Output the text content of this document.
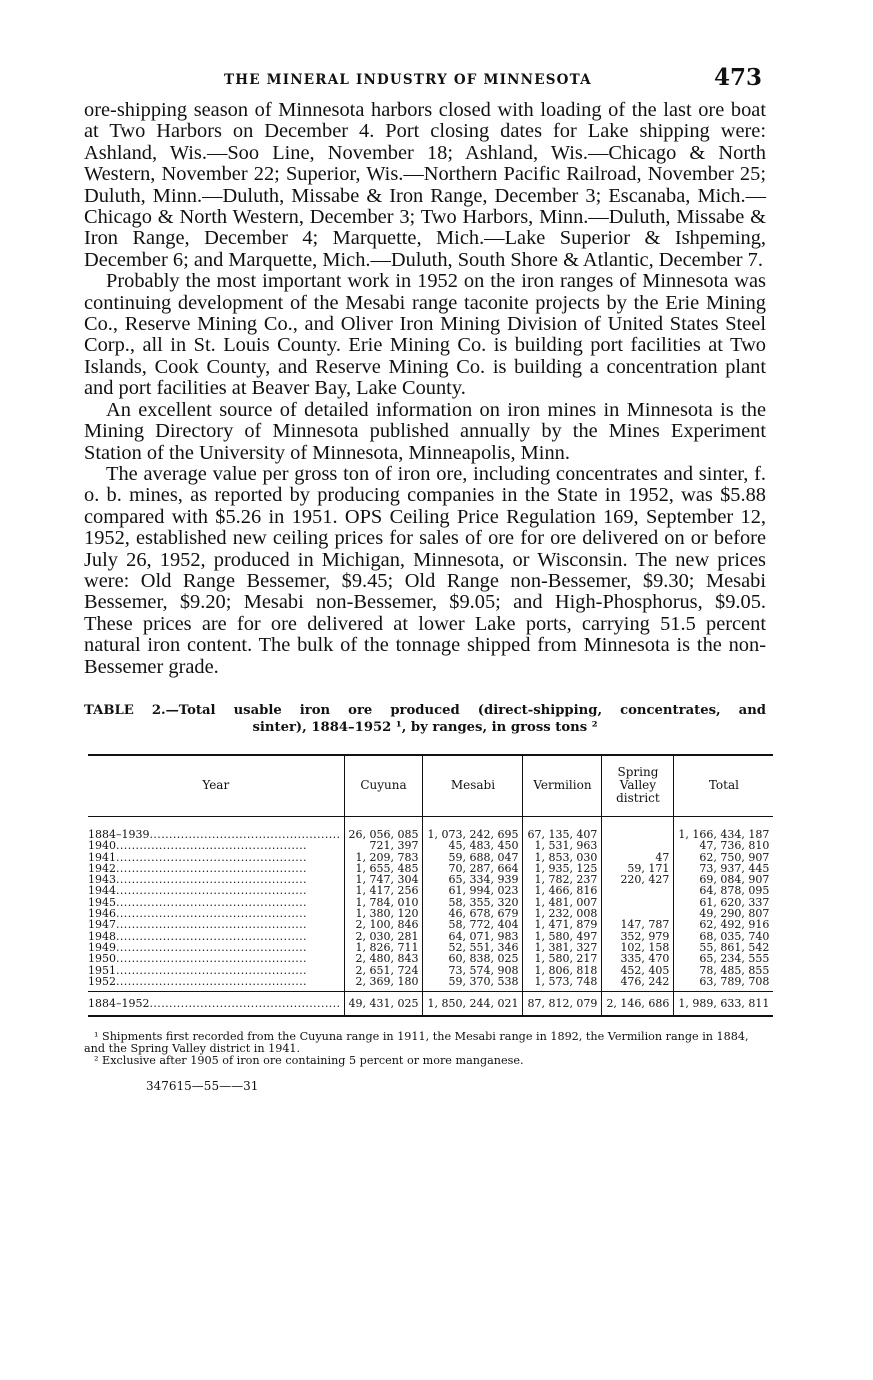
THE MINERAL INDUSTRY OF MINNESOTA	473

ore-shipping season of Minnesota harbors closed with loading of the last ore boat at Two Harbors on December 4. Port closing dates for Lake shipping were: Ashland, Wis.—Soo Line, November 18; Ashland, Wis.—Chicago & North Western, November 22; Superior, Wis.—Northern Pacific Railroad, November 25; Duluth, Minn.—Duluth, Missabe & Iron Range, December 3; Escanaba, Mich.—Chicago & North Western, December 3; Two Harbors, Minn.—Duluth, Missabe & Iron Range, December 4; Marquette, Mich.—Lake Superior & Ishpeming, December 6; and Marquette, Mich.—Duluth, South Shore & Atlantic, December 7.

Probably the most important work in 1952 on the iron ranges of Minnesota was continuing development of the Mesabi range taconite projects by the Erie Mining Co., Reserve Mining Co., and Oliver Iron Mining Division of United States Steel Corp., all in St. Louis County. Erie Mining Co. is building port facilities at Two Islands, Cook County, and Reserve Mining Co. is building a concentration plant and port facilities at Beaver Bay, Lake County.

An excellent source of detailed information on iron mines in Minnesota is the Mining Directory of Minnesota published annually by the Mines Experiment Station of the University of Minnesota, Minneapolis, Minn.

The average value per gross ton of iron ore, including concentrates and sinter, f. o. b. mines, as reported by producing companies in the State in 1952, was $5.88 compared with $5.26 in 1951. OPS Ceiling Price Regulation 169, September 12, 1952, established new ceiling prices for sales of ore for ore delivered on or before July 26, 1952, produced in Michigan, Minnesota, or Wisconsin. The new prices were: Old Range Bessemer, $9.45; Old Range non-Bessemer, $9.30; Mesabi Bessemer, $9.20; Mesabi non-Bessemer, $9.05; and High-Phosphorus, $9.05. These prices are for ore delivered at lower Lake ports, carrying 51.5 percent natural iron content. The bulk of the tonnage shipped from Minnesota is the non-Bessemer grade.

TABLE 2.—Total usable iron ore produced (direct-shipping, concentrates, and
sinter), 1884–1952 ¹, by ranges, in gross tons ²
Year	Cuyuna	Mesabi	Vermilion	Spring Valley district	Total

1884–1939.....	26, 056, 085	1, 073, 242, 695	67, 135, 407		1, 166, 434, 187
1940.....	721, 397	45, 483, 450	1, 531, 963		47, 736, 810
1941.....	1, 209, 783	59, 688, 047	1, 853, 030	47	62, 750, 907
1942.....	1, 655, 485	70, 287, 664	1, 935, 125	59, 171	73, 937, 445
1943.....	1, 747, 304	65, 334, 939	1, 782, 237	220, 427	69, 084, 907
1944.....	1, 417, 256	61, 994, 023	1, 466, 816		64, 878, 095
1945.....	1, 784, 010	58, 355, 320	1, 481, 007		61, 620, 337
1946.....	1, 380, 120	46, 678, 679	1, 232, 008		49, 290, 807
1947.....	2, 100, 846	58, 772, 404	1, 471, 879	147, 787	62, 492, 916
1948.....	2, 030, 281	64, 071, 983	1, 580, 497	352, 979	68, 035, 740
1949.....	1, 826, 711	52, 551, 346	1, 381, 327	102, 158	55, 861, 542
1950.....	2, 480, 843	60, 838, 025	1, 580, 217	335, 470	65, 234, 555
1951.....	2, 651, 724	73, 574, 908	1, 806, 818	452, 405	78, 485, 855
1952.....	2, 369, 180	59, 370, 538	1, 573, 748	476, 242	63, 789, 708
1884–1952.....	49, 431, 025	1, 850, 244, 021	87, 812, 079	2, 146, 686	1, 989, 633, 811

¹ Shipments first recorded from the Cuyuna range in 1911, the Mesabi range in 1892, the Vermilion range in 1884, and the Spring Valley district in 1941.

² Exclusive after 1905 of iron ore containing 5 percent or more manganese.

347615—55——31
